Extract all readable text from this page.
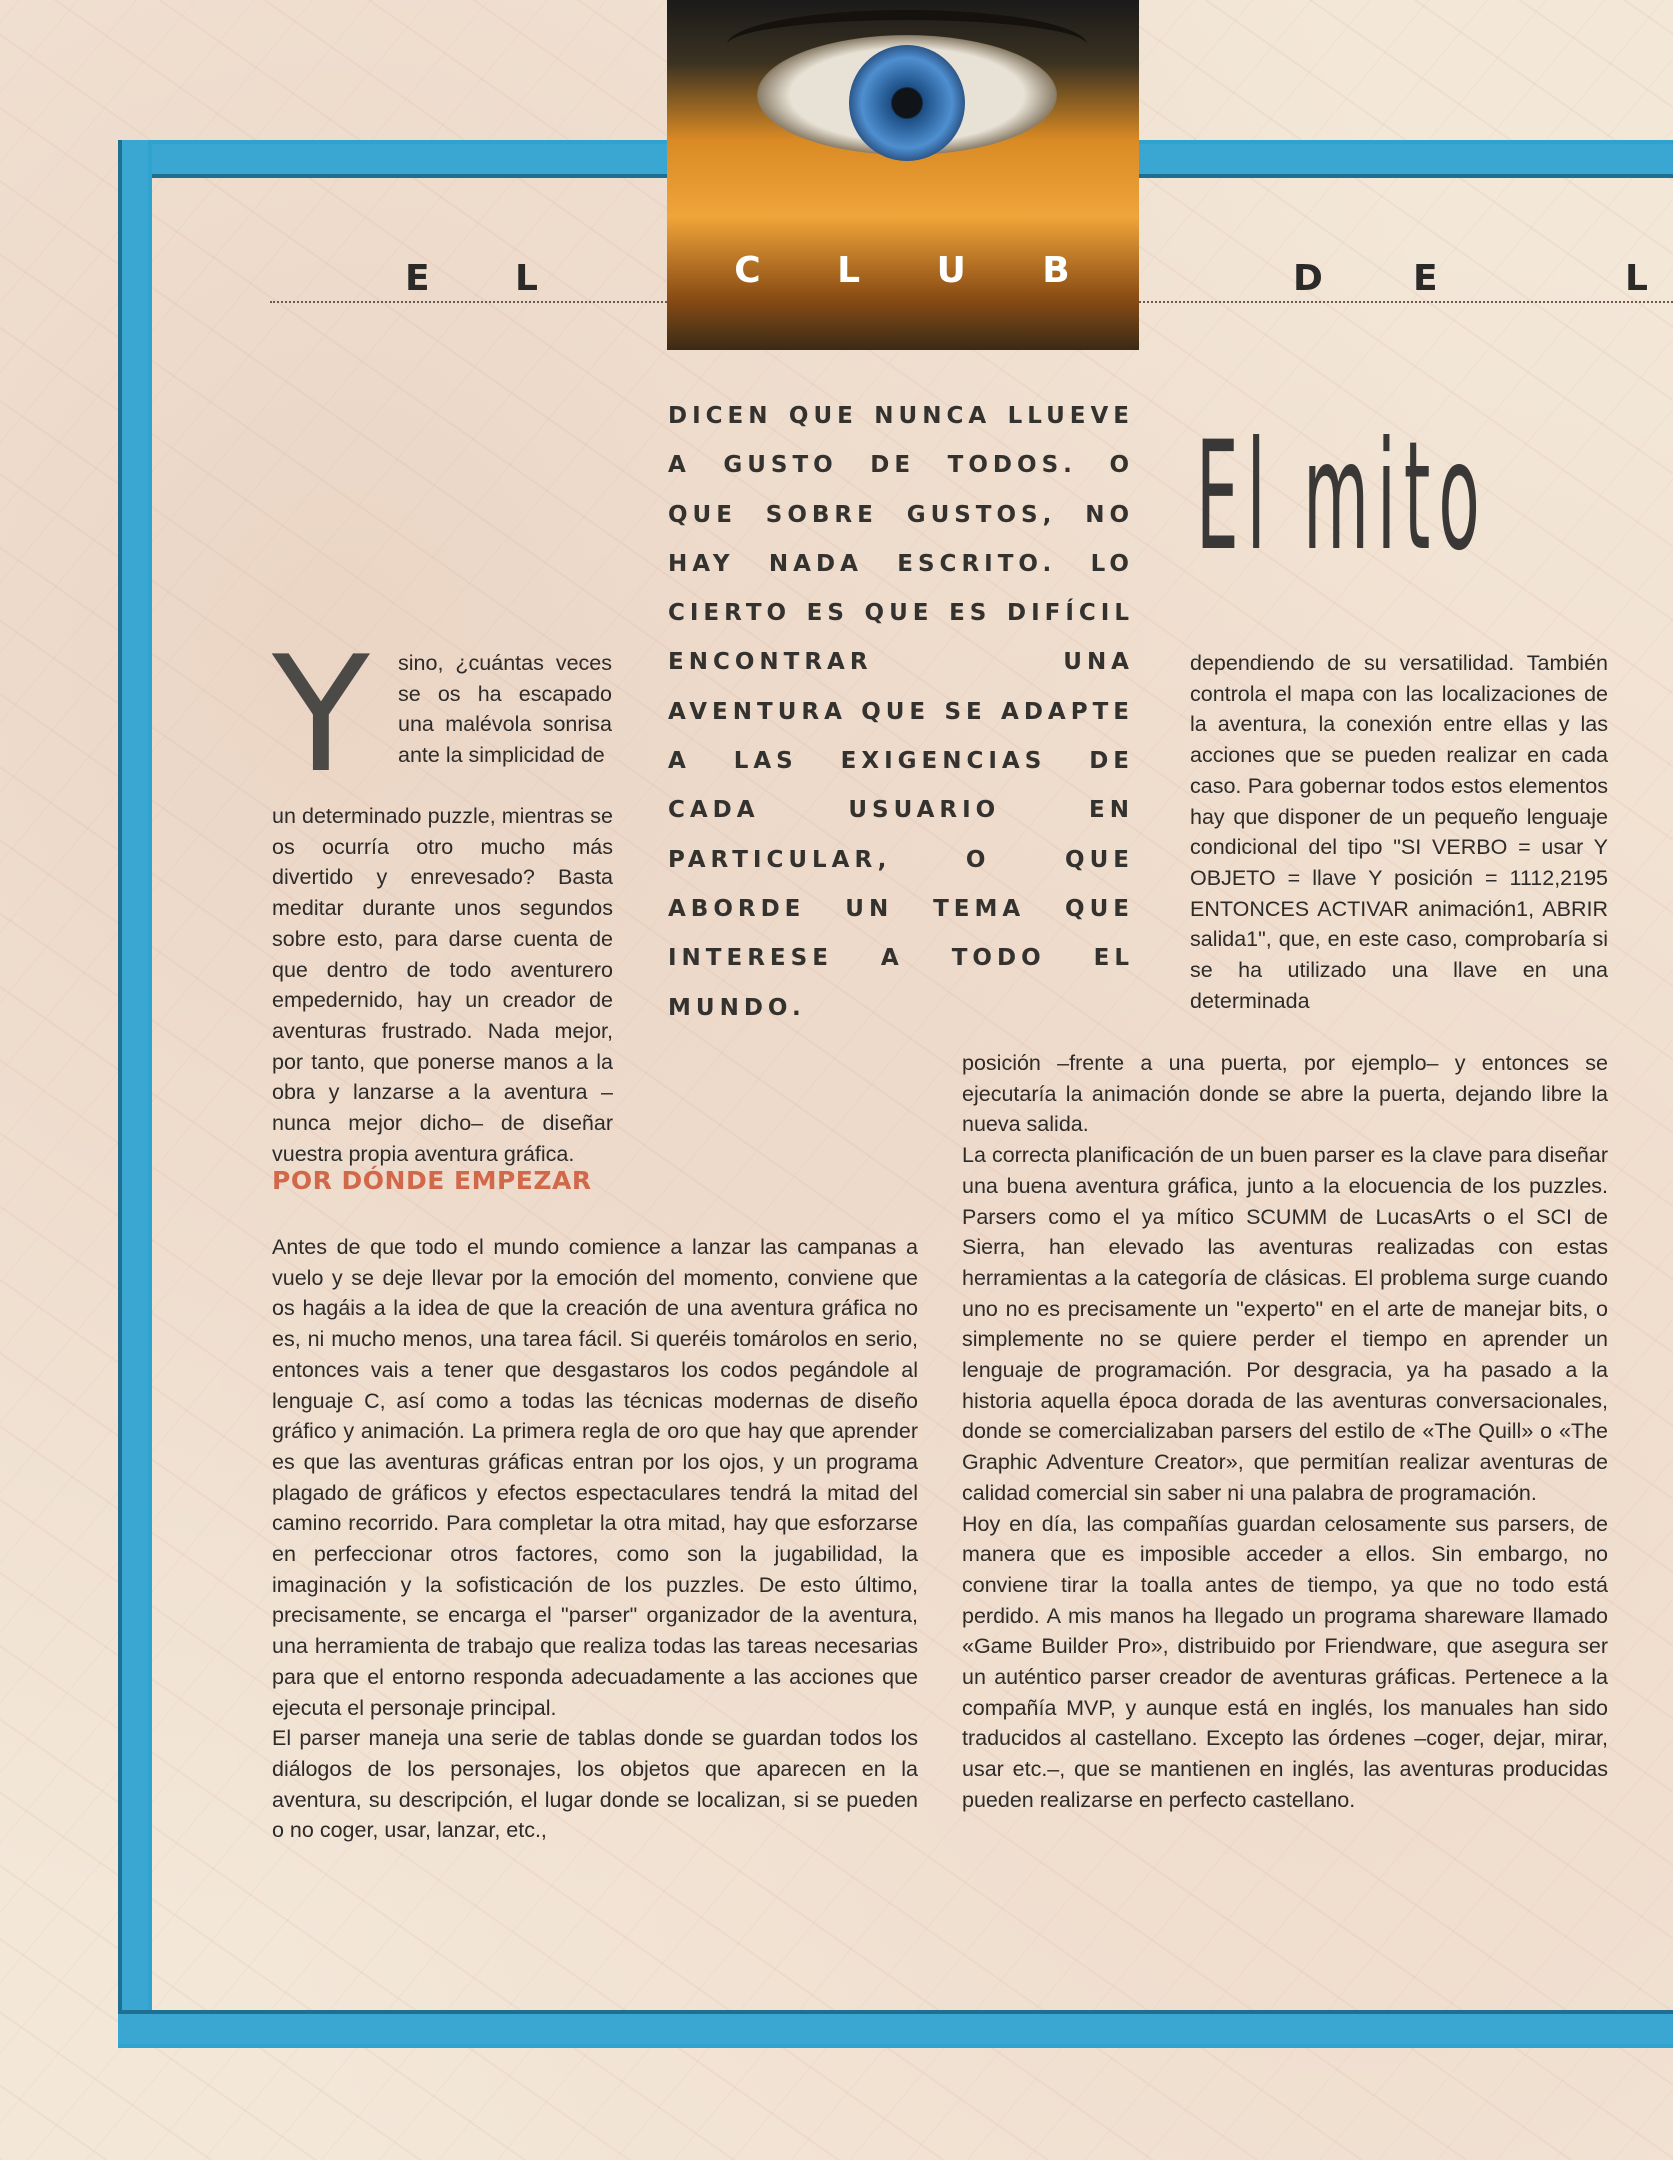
C L U B
E L	D E	L
El mito
DICEN QUE NUNCA LLUEVE A GUSTO DE TODOS. O QUE SOBRE GUSTOS, NO HAY NADA ESCRITO. LO CIERTO ES QUE ES DIFÍCIL ENCONTRAR UNA AVENTURA QUE SE ADAPTE A LAS EXIGENCIAS DE CADA USUARIO EN PARTICULAR, O QUE ABORDE UN TEMA QUE INTERESE A TODO EL MUNDO.
Y sino, ¿cuántas veces se os ha escapado una malévola sonrisa ante la simplicidad de
un determinado puzzle, mientras se os ocurría otro mucho más divertido y enrevesado? Basta meditar durante unos segundos sobre esto, para darse cuenta de que dentro de todo aventurero empedernido, hay un creador de aventuras frustrado. Nada mejor, por tanto, que ponerse manos a la obra y lanzarse a la aventura –nunca mejor dicho– de diseñar vuestra propia aventura gráfica.
POR DÓNDE EMPEZAR

Antes de que todo el mundo comience a lanzar las campanas a vuelo y se deje llevar por la emoción del momento, conviene que os hagáis a la idea de que la creación de una aventura gráfica no es, ni mucho menos, una tarea fácil. Si queréis tomárolos en serio, entonces vais a tener que desgastaros los codos pegándole al lenguaje C, así como a todas las técnicas modernas de diseño gráfico y animación. La primera regla de oro que hay que aprender es que las aventuras gráficas entran por los ojos, y un programa plagado de gráficos y efectos espectaculares tendrá la mitad del camino recorrido. Para completar la otra mitad, hay que esforzarse en perfeccionar otros factores, como son la jugabilidad, la imaginación y la sofisticación de los puzzles. De esto último, precisamente, se encarga el "parser" organizador de la aventura, una herramienta de trabajo que realiza todas las tareas necesarias para que el entorno responda adecuadamente a las acciones que ejecuta el personaje principal.

El parser maneja una serie de tablas donde se guardan todos los diálogos de los personajes, los objetos que aparecen en la aventura, su descripción, el lugar donde se localizan, si se pueden o no coger, usar, lanzar, etc.,

dependiendo de su versatilidad. También controla el mapa con las localizaciones de la aventura, la conexión entre ellas y las acciones que se pueden realizar en cada caso. Para gobernar todos estos elementos hay que disponer de un pequeño lenguaje condicional del tipo "SI VERBO = usar Y OBJETO = llave Y posición = 1112,2195 ENTONCES ACTIVAR animación1, ABRIR salida1", que, en este caso, comprobaría si se ha utilizado una llave en una determinada

posición –frente a una puerta, por ejemplo– y entonces se ejecutaría la animación donde se abre la puerta, dejando libre la nueva salida.

La correcta planificación de un buen parser es la clave para diseñar una buena aventura gráfica, junto a la elocuencia de los puzzles. Parsers como el ya mítico SCUMM de LucasArts o el SCI de Sierra, han elevado las aventuras realizadas con estas herramientas a la categoría de clásicas. El problema surge cuando uno no es precisamente un "experto" en el arte de manejar bits, o simplemente no se quiere perder el tiempo en aprender un lenguaje de programación. Por desgracia, ya ha pasado a la historia aquella época dorada de las aventuras conversacionales, donde se comercializaban parsers del estilo de «The Quill» o «The Graphic Adventure Creator», que permitían realizar aventuras de calidad comercial sin saber ni una palabra de programación.

Hoy en día, las compañías guardan celosamente sus parsers, de manera que es imposible acceder a ellos. Sin embargo, no conviene tirar la toalla antes de tiempo, ya que no todo está perdido. A mis manos ha llegado un programa shareware llamado «Game Builder Pro», distribuido por Friendware, que asegura ser un auténtico parser creador de aventuras gráficas. Pertenece a la compañía MVP, y aunque está en inglés, los manuales han sido traducidos al castellano. Excepto las órdenes –coger, dejar, mirar, usar etc.–, que se mantienen en inglés, las aventuras producidas pueden realizarse en perfecto castellano.
